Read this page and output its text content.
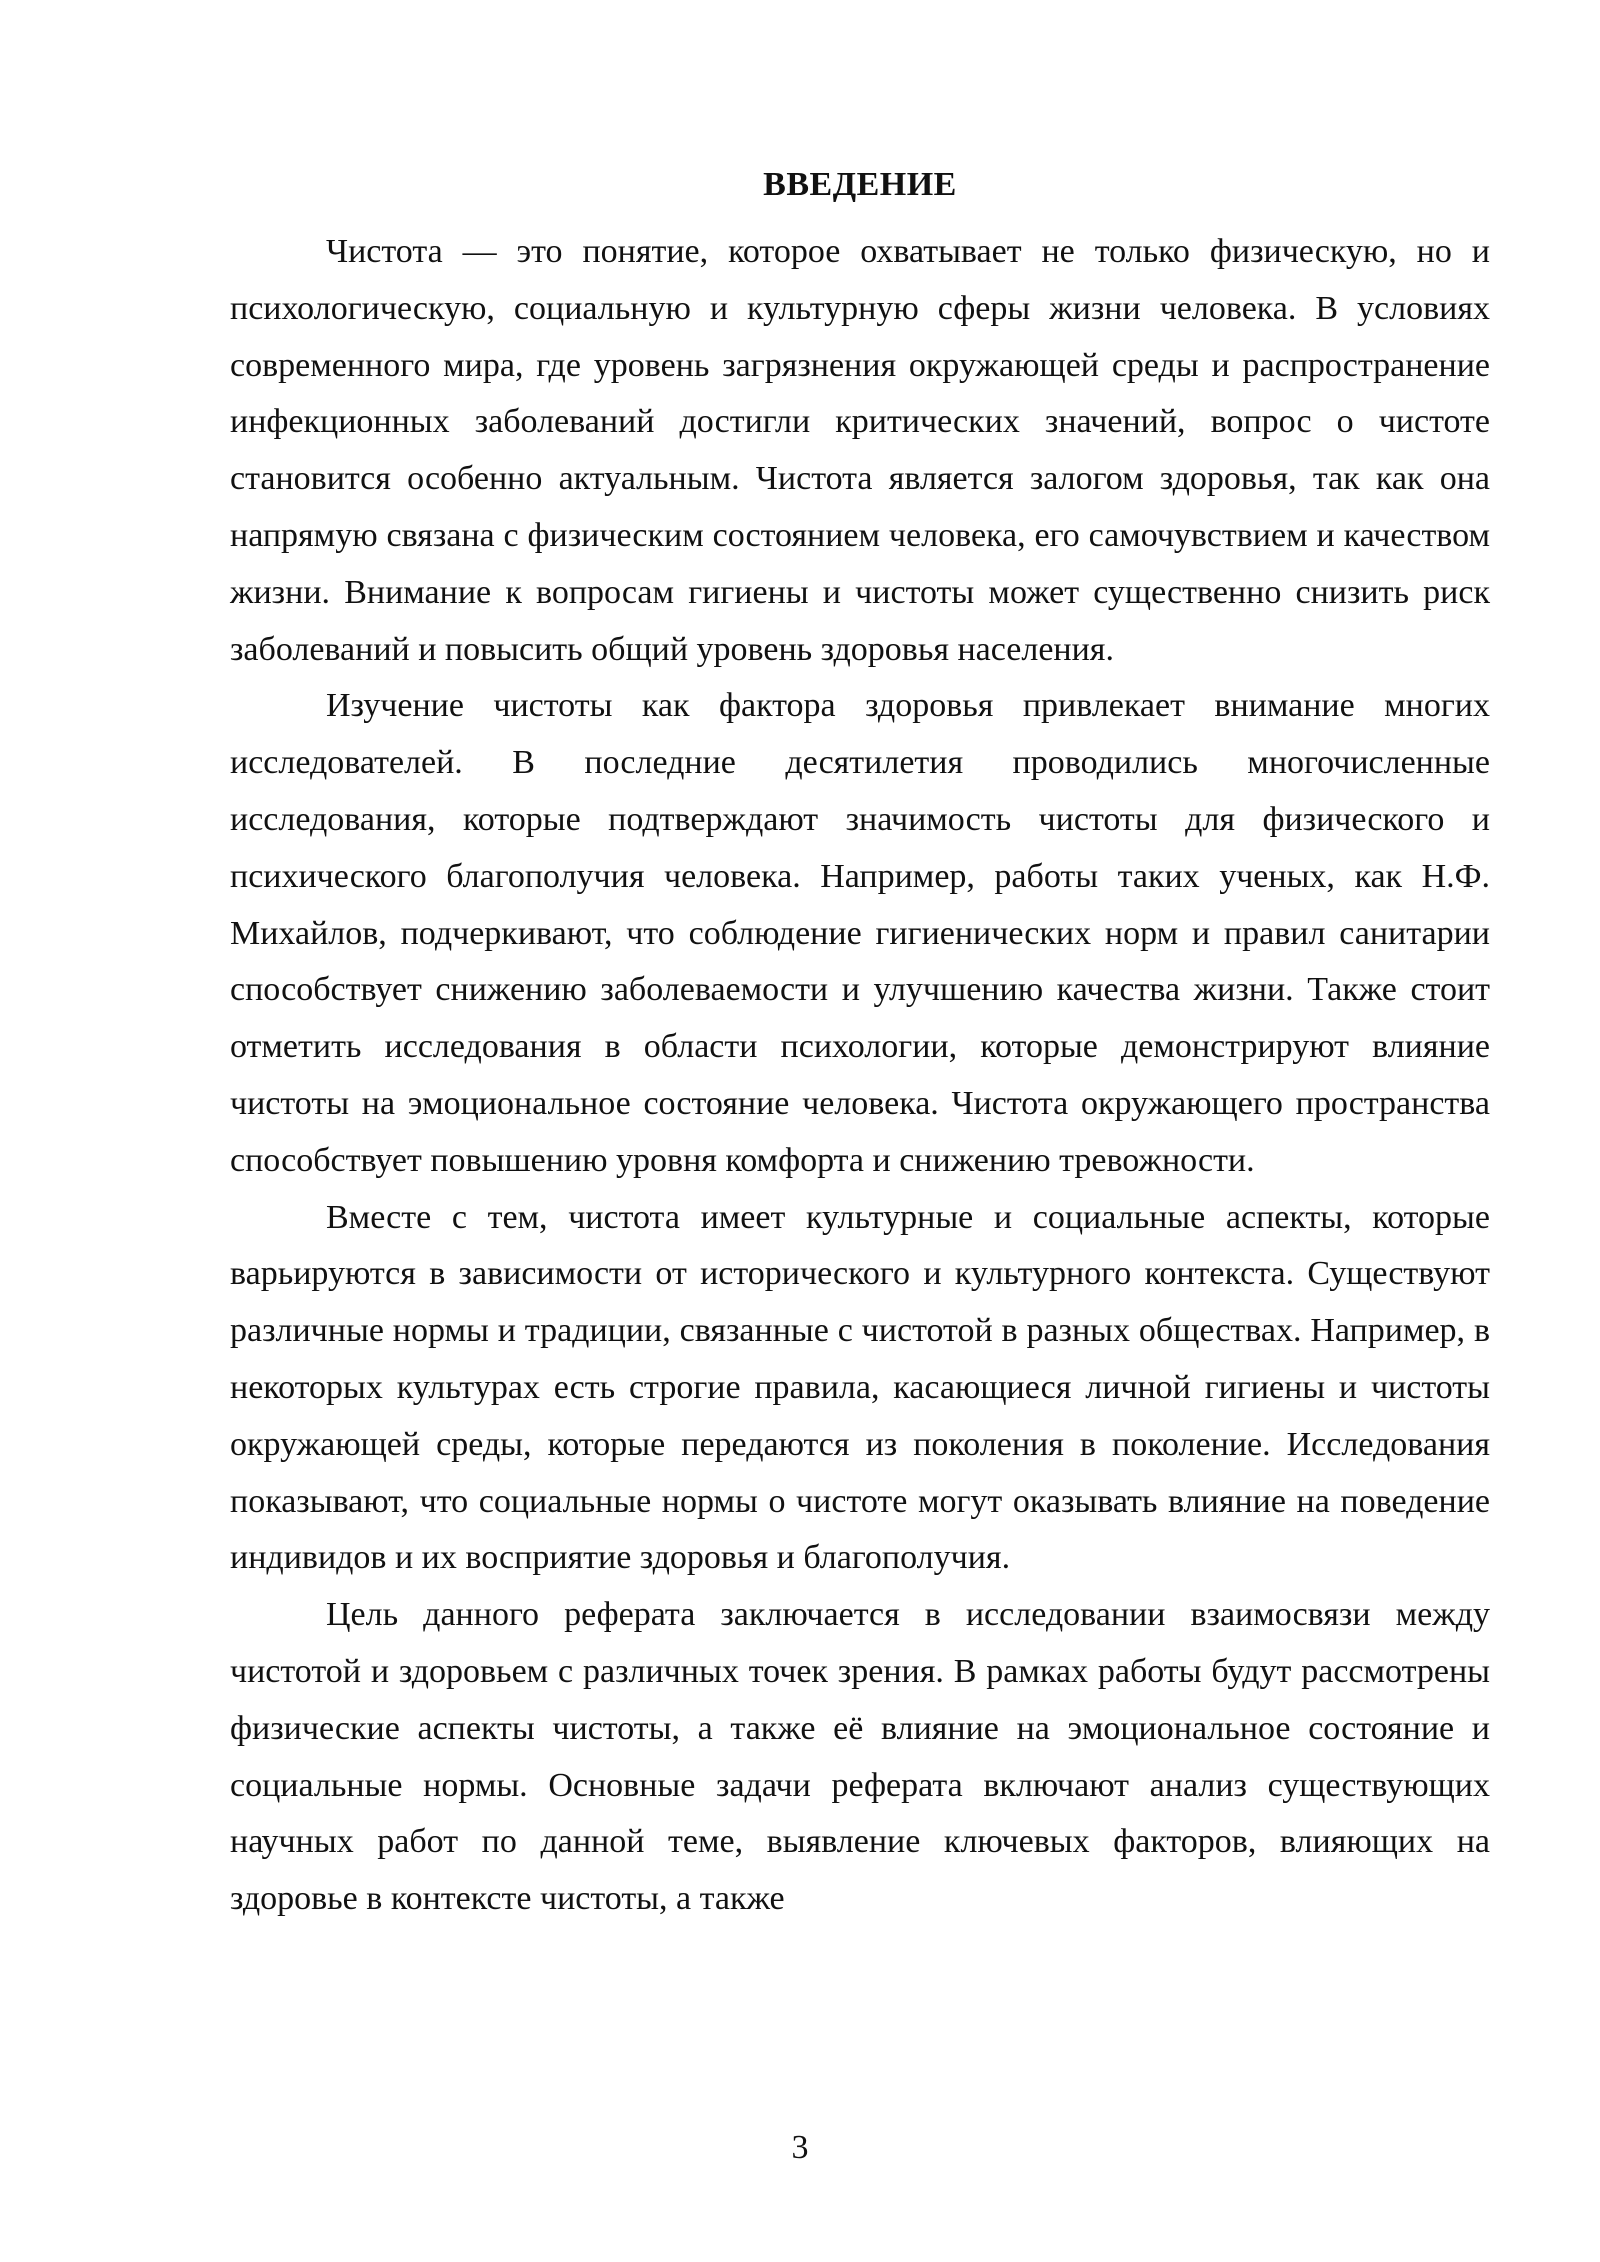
ВВЕДЕНИЕ

Чистота — это понятие, которое охватывает не только физическую, но и психологическую, социальную и культурную сферы жизни человека. В условиях современного мира, где уровень загрязнения окружающей среды и распространение инфекционных заболеваний достигли критических значений, вопрос о чистоте становится особенно актуальным. Чистота является залогом здоровья, так как она напрямую связана с физическим состоянием человека, его самочувствием и качеством жизни. Внимание к вопросам гигиены и чистоты может существенно снизить риск заболеваний и повысить общий уровень здоровья населения.

Изучение чистоты как фактора здоровья привлекает внимание многих исследователей. В последние десятилетия проводились многочисленные исследования, которые подтверждают значимость чистоты для физического и психического благополучия человека. Например, работы таких ученых, как Н.Ф. Михайлов, подчеркивают, что соблюдение гигиенических норм и правил санитарии способствует снижению заболеваемости и улучшению качества жизни. Также стоит отметить исследования в области психологии, которые демонстрируют влияние чистоты на эмоциональное состояние человека. Чистота окружающего пространства способствует повышению уровня комфорта и снижению тревожности.

Вместе с тем, чистота имеет культурные и социальные аспекты, которые варьируются в зависимости от исторического и культурного контекста. Существуют различные нормы и традиции, связанные с чистотой в разных обществах. Например, в некоторых культурах есть строгие правила, касающиеся личной гигиены и чистоты окружающей среды, которые передаются из поколения в поколение. Исследования показывают, что социальные нормы о чистоте могут оказывать влияние на поведение индивидов и их восприятие здоровья и благополучия.

Цель данного реферата заключается в исследовании взаимосвязи между чистотой и здоровьем с различных точек зрения. В рамках работы будут рассмотрены физические аспекты чистоты, а также её влияние на эмоциональное состояние и социальные нормы. Основные задачи реферата включают анализ существующих научных работ по данной теме, выявление ключевых факторов, влияющих на здоровье в контексте чистоты, а также

3
